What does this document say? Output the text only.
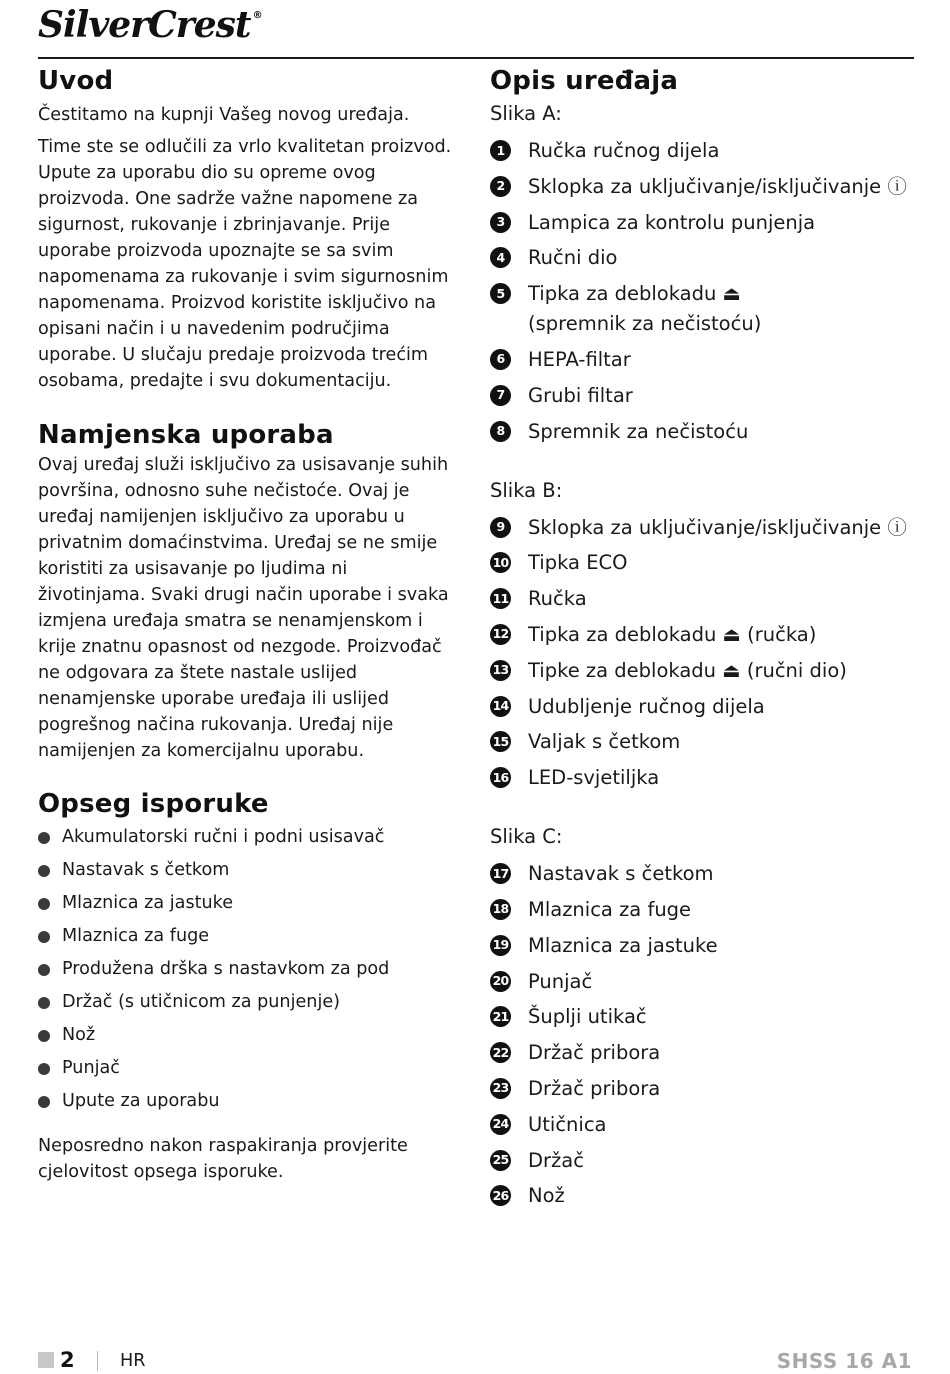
SilverCrest ®
Uvod

Čestitamo na kupnji Vašeg novog uređaja.

Time ste se odlučili za vrlo kvalitetan proizvod. Upute za uporabu dio su opreme ovog proizvoda. One sadrže važne napomene za sigurnost, rukovanje i zbrinjavanje. Prije uporabe proizvoda upoznajte se sa svim napomenama za rukovanje i svim sigurnosnim napomenama. Proizvod koristite isključivo na opisani način i u navedenim područjima uporabe. U slučaju predaje proizvoda trećim osobama, predajte i svu dokumentaciju.

Namjenska uporaba

Ovaj uređaj služi isključivo za usisavanje suhih površina, odnosno suhe nečistoće. Ovaj je uređaj namijenjen isključivo za uporabu u privatnim domaćinstvima. Uređaj se ne smije koristiti za usisavanje po ljudima ni životinjama. Svaki drugi način uporabe i svaka izmjena uređaja smatra se nenamjenskom i krije znatnu opasnost od nezgode. Proizvođač ne odgovara za štete nastale uslijed nenamjenske uporabe uređaja ili uslijed pogrešnog načina rukovanja. Uređaj nije namijenjen za komercijalnu uporabu.

Opseg isporuke
Akumulatorski ručni i podni usisavač
Nastavak s četkom
Mlaznica za jastuke
Mlaznica za fuge
Produžena drška s nastavkom za pod
Držač (s utičnicom za punjenje)
Nož
Punjač
Upute za uporabu

Neposredno nakon raspakiranja provjerite cjelovitost opsega isporuke.

Opis uređaja
Slika A:
1	Ručka ručnog dijela
2	Sklopka za uključivanje/isključivanje ⓘ
3	Lampica za kontrolu punjenja
4	Ručni dio
5	Tipka za deblokadu ⏏
(spremnik za nečistoću)
6	HEPA-filtar
7	Grubi filtar
8	Spremnik za nečistoću
Slika B:
9	Sklopka za uključivanje/isključivanje ⓘ
10 Tipka ECO
11 Ručka
12 Tipka za deblokadu ⏏ (ručka)
13 Tipke za deblokadu ⏏ (ručni dio)
14 Udubljenje ručnog dijela
15 Valjak s četkom
16 LED-svjetiljka
Slika C:
17 Nastavak s četkom
18 Mlaznica za fuge
19 Mlaznica za jastuke
20 Punjač
21 Šuplji utikač
22 Držač pribora
23 Držač pribora
24 Utičnica
25 Držač
26 Nož
2	HR	SHSS 16 A1
